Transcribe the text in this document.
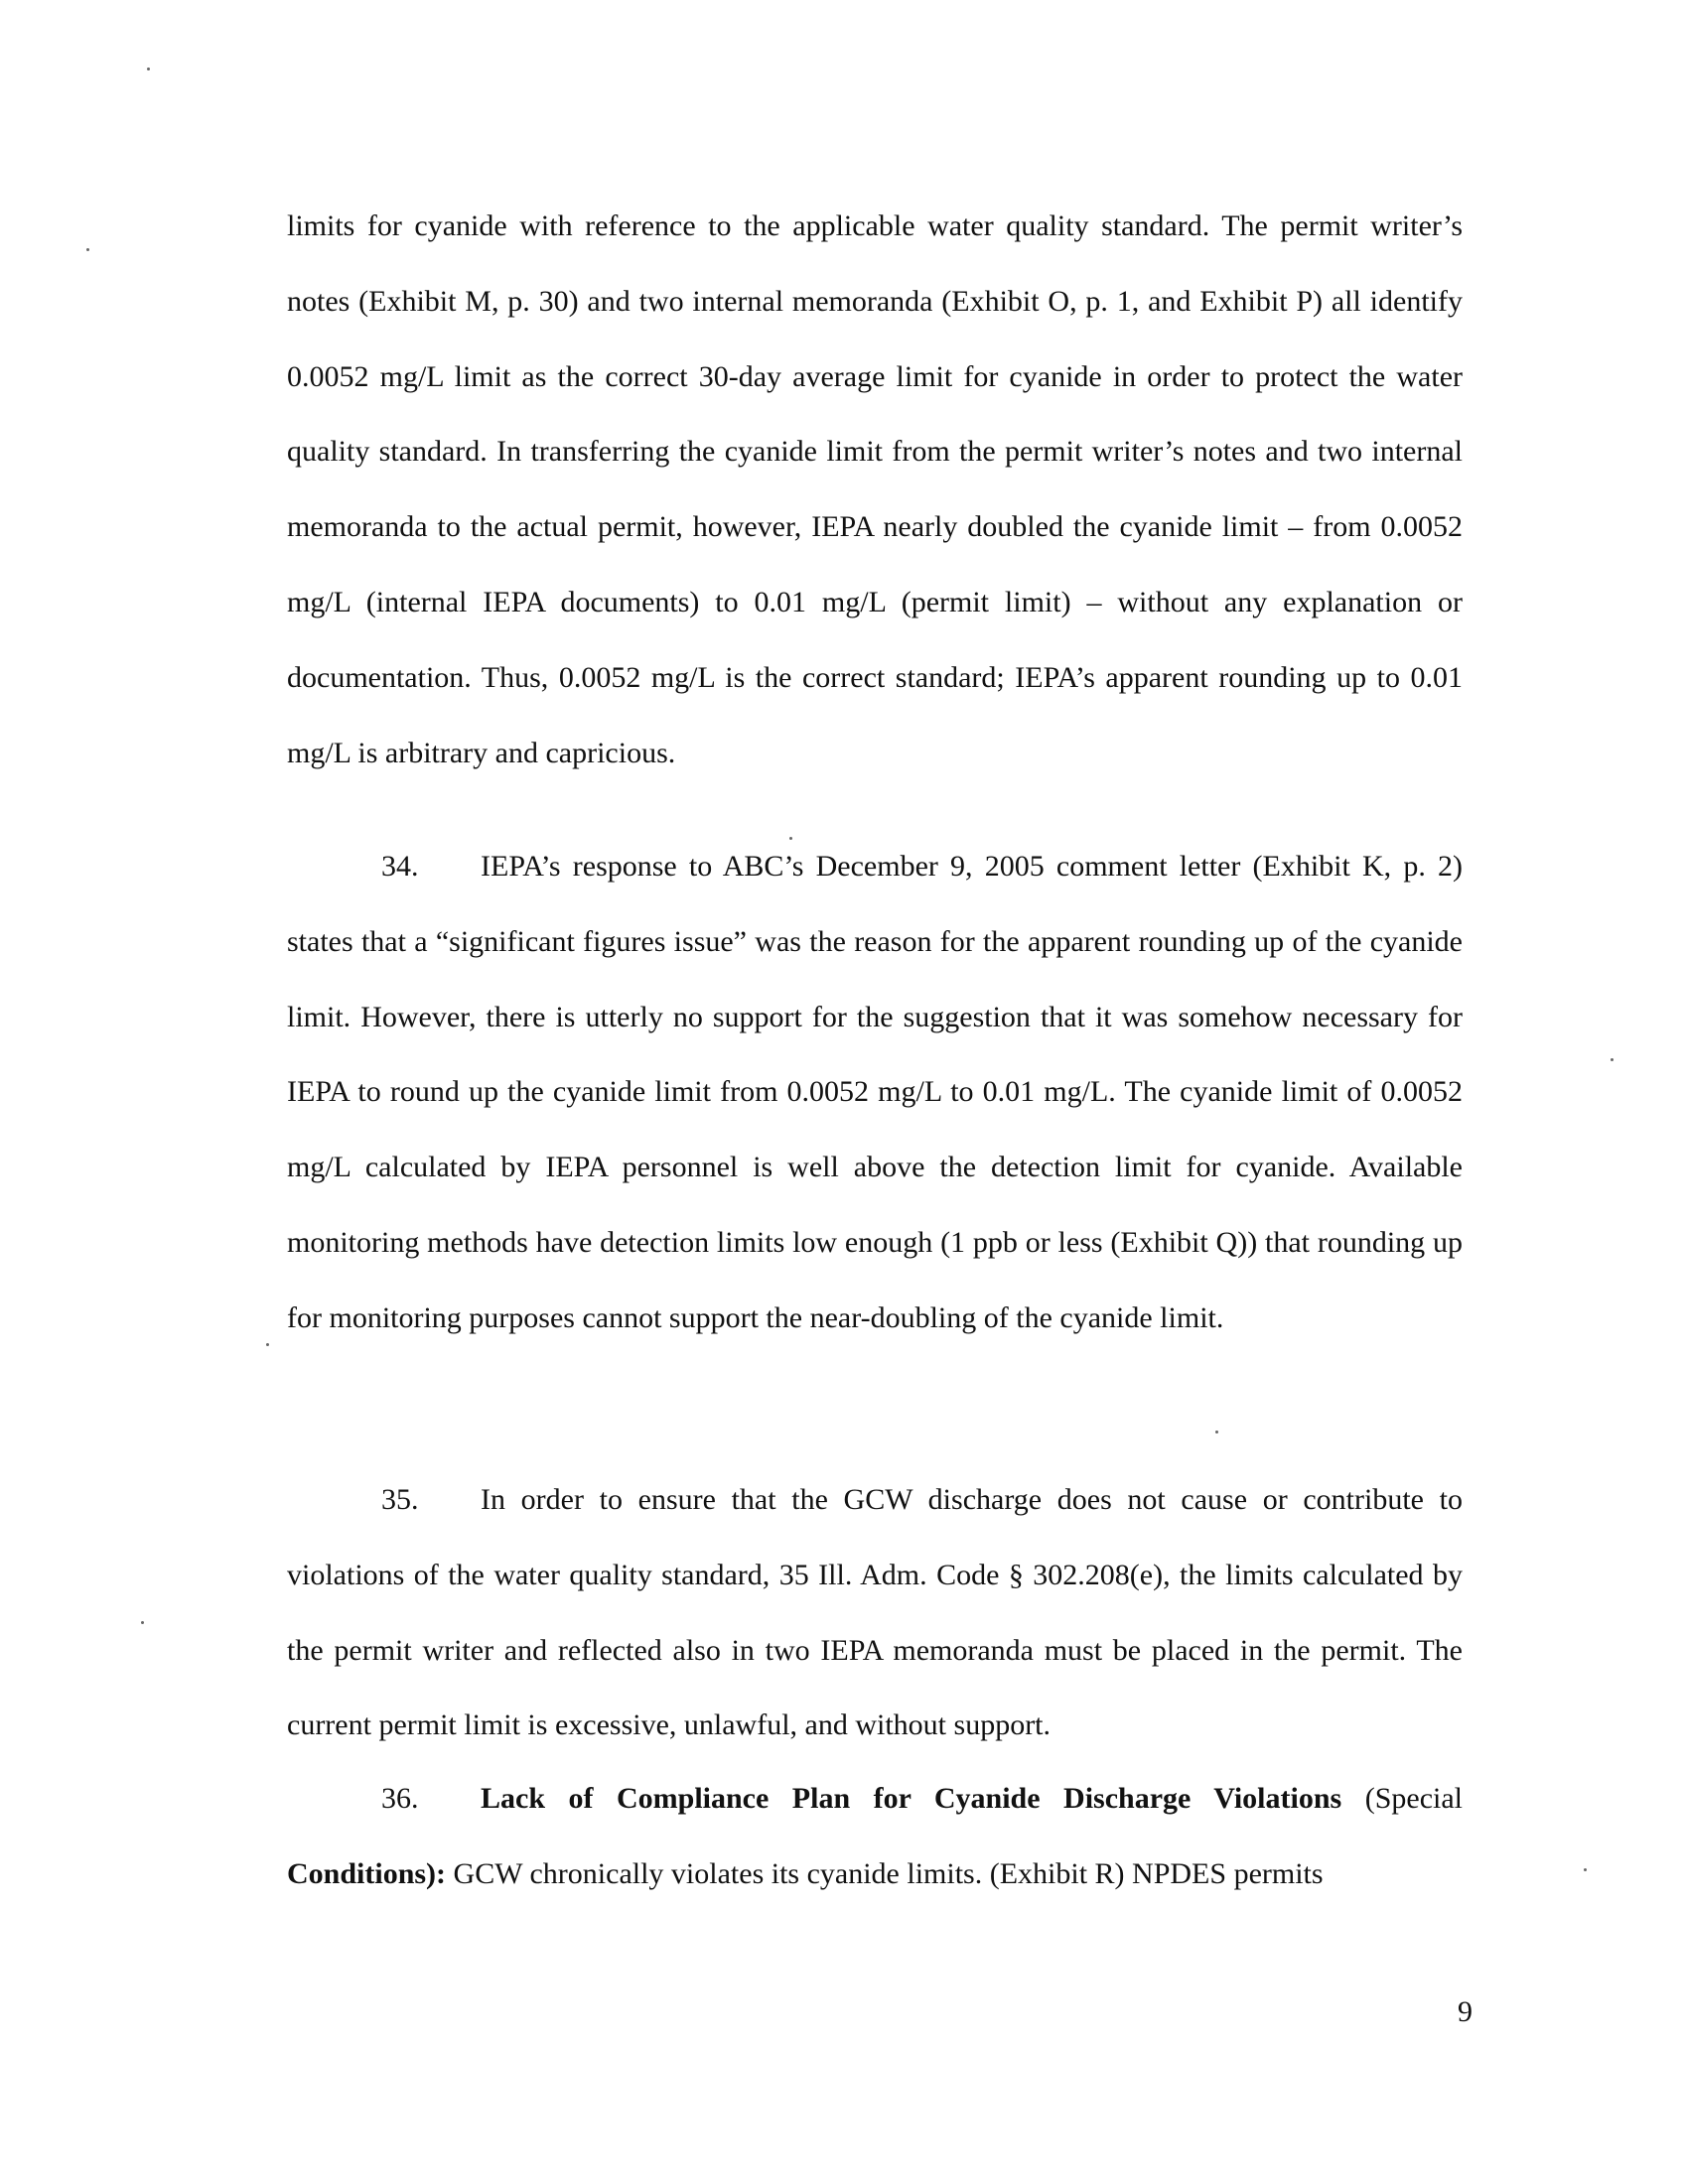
limits for cyanide with reference to the applicable water quality standard. The permit writer’s notes (Exhibit M, p. 30) and two internal memoranda (Exhibit O, p. 1, and Exhibit P) all identify 0.0052 mg/L limit as the correct 30-day average limit for cyanide in order to protect the water quality standard. In transferring the cyanide limit from the permit writer’s notes and two internal memoranda to the actual permit, however, IEPA nearly doubled the cyanide limit – from 0.0052 mg/L (internal IEPA documents) to 0.01 mg/L (permit limit) – without any explanation or documentation. Thus, 0.0052 mg/L is the correct standard; IEPA’s apparent rounding up to 0.01 mg/L is arbitrary and capricious.

34. IEPA’s response to ABC’s December 9, 2005 comment letter (Exhibit K, p. 2) states that a “significant figures issue” was the reason for the apparent rounding up of the cyanide limit. However, there is utterly no support for the suggestion that it was somehow necessary for IEPA to round up the cyanide limit from 0.0052 mg/L to 0.01 mg/L. The cyanide limit of 0.0052 mg/L calculated by IEPA personnel is well above the detection limit for cyanide. Available monitoring methods have detection limits low enough (1 ppb or less (Exhibit Q)) that rounding up for monitoring purposes cannot support the near-doubling of the cyanide limit.

35. In order to ensure that the GCW discharge does not cause or contribute to violations of the water quality standard, 35 Ill. Adm. Code § 302.208(e), the limits calculated by the permit writer and reflected also in two IEPA memoranda must be placed in the permit. The current permit limit is excessive, unlawful, and without support.

36. Lack of Compliance Plan for Cyanide Discharge Violations (Special Conditions): GCW chronically violates its cyanide limits. (Exhibit R) NPDES permits

9
